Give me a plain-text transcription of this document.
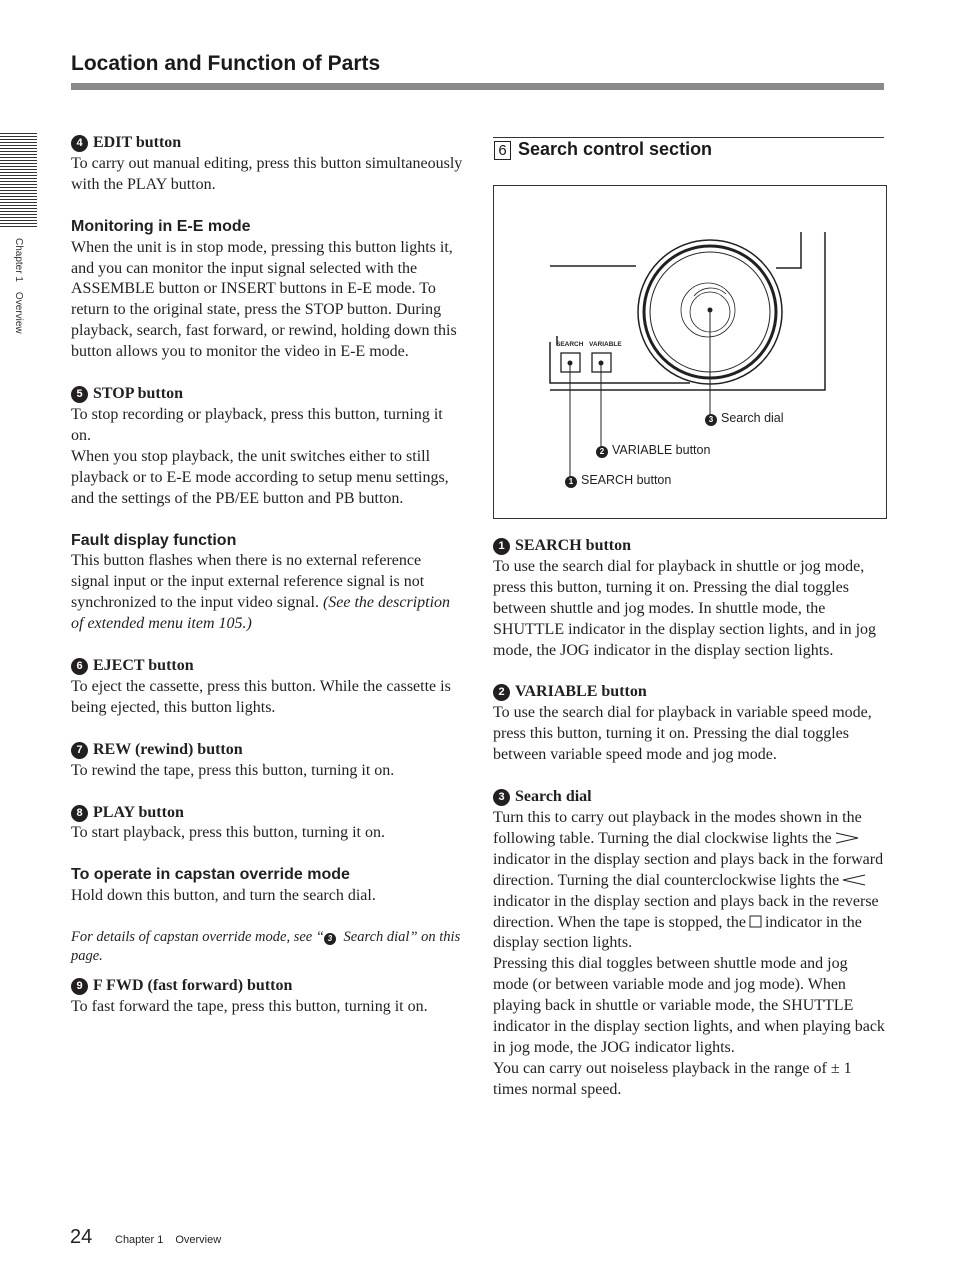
Location and Function of Parts
Chapter 1Overview

4 EDIT button

To carry out manual editing, press this button simultaneously with the PLAY button.

Monitoring in E-E mode

When the unit is in stop mode, pressing this button lights it, and you can monitor the input signal selected with the ASSEMBLE button or INSERT buttons in E-E mode. To return to the original state, press the STOP button. During playback, search, fast forward, or rewind, holding down this button allows you to monitor the video in E-E mode.

5 STOP button

To stop recording or playback, press this button, turning it on.

When you stop playback, the unit switches either to still playback or to E-E mode according to setup menu settings, and the settings of the PB/EE button and PB button.

Fault display function

This button flashes when there is no external reference signal input or the input external reference signal is not synchronized to the input video signal. (See the description of extended menu item 105.)

6 EJECT button

To eject the cassette, press this button. While the cassette is being ejected, this button lights.

7 REW (rewind) button

To rewind the tape, press this button, turning it on.

8 PLAY button

To start playback, press this button, turning it on.

To operate in capstan override mode

Hold down this button, and turn the search dial.

For details of capstan override mode, see “ 3 Search dial” on this page.

9 F FWD (fast forward) button

To fast forward the tape, press this button, turning it on.

6 Search control section
SEARCH VARIABLE
3 Search dial
2 VARIABLE button
1 SEARCH button

1 SEARCH button

To use the search dial for playback in shuttle or jog mode, press this button, turning it on. Pressing the dial toggles between shuttle and jog modes. In shuttle mode, the SHUTTLE indicator in the display section lights, and in jog mode, the JOG indicator in the display section lights.

2 VARIABLE button

To use the search dial for playback in variable speed mode, press this button, turning it on. Pressing the dial toggles between variable speed mode and jog mode.

3 Search dial

Turn this to carry out playback in the modes shown in the following table. Turning the dial clockwise lights theindicator in the display section and plays back in the forward direction. Turning the dial counterclockwise lights theindicator in the display section and plays back in the reverse direction. When the tape is stopped, the indicator in the display section lights.

Pressing this dial toggles between shuttle mode and jog mode (or between variable mode and jog mode). When playing back in shuttle or variable mode, the SHUTTLE indicator in the display section lights, and when playing back in jog mode, the JOG indicator lights.

You can carry out noiseless playback in the range of ± 1 times normal speed.

24 Chapter 1 Overview
